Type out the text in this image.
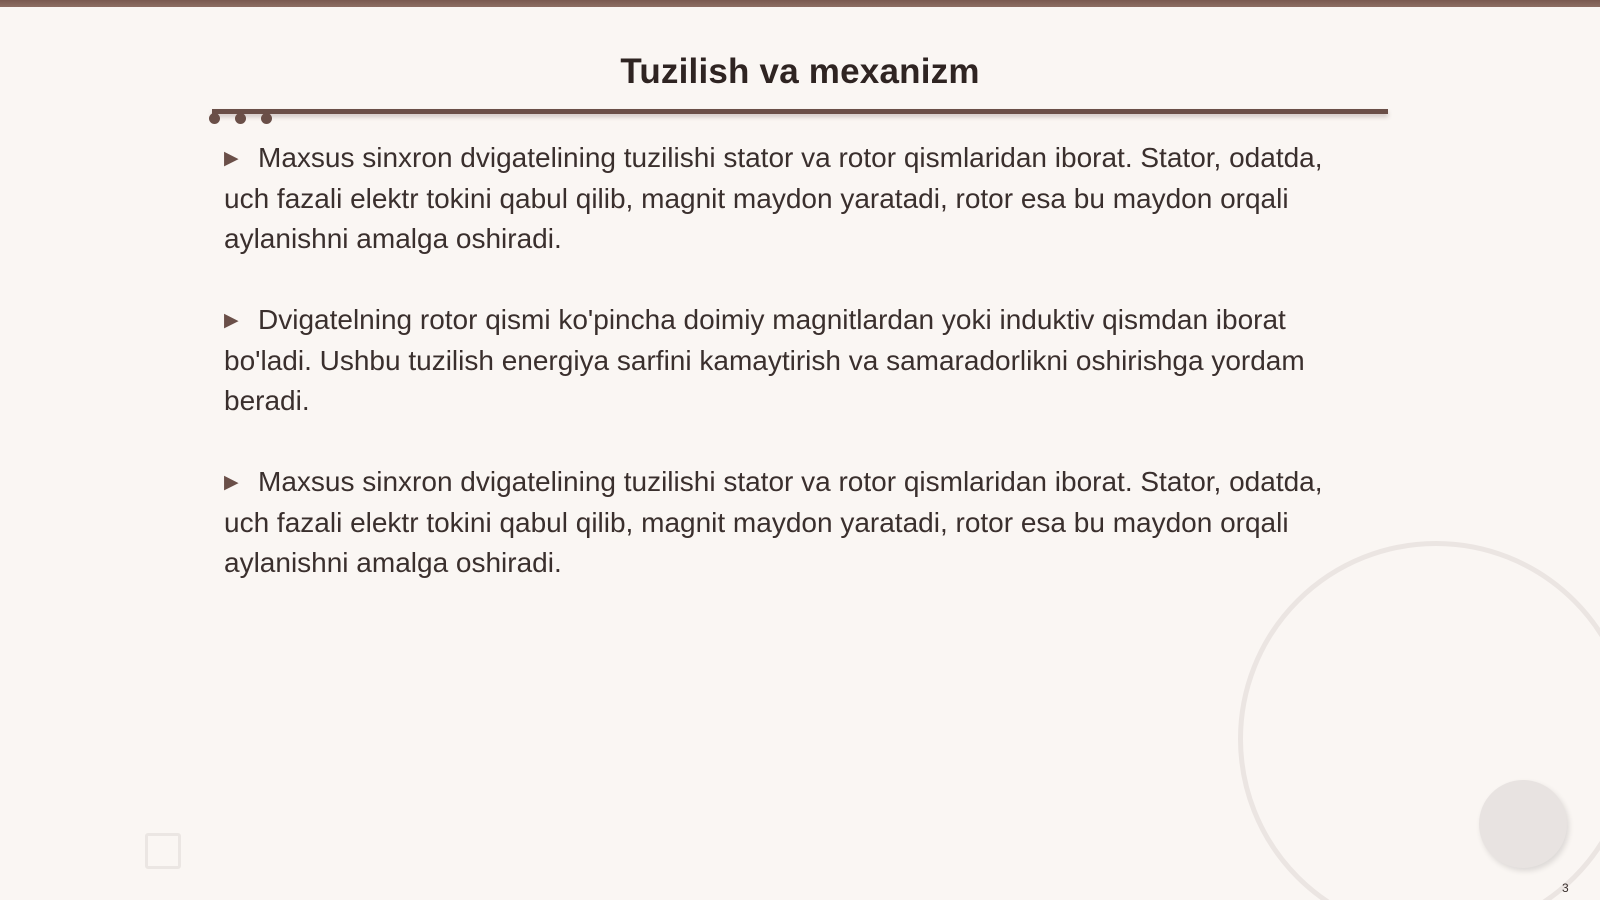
Tuzilish va mexanizm

▶ Maxsus sinxron dvigatelining tuzilishi stator va rotor qismlaridan iborat. Stator, odatda, uch fazali elektr tokini qabul qilib, magnit maydon yaratadi, rotor esa bu maydon orqali aylanishni amalga oshiradi.

▶ Dvigatelning rotor qismi ko'pincha doimiy magnitlardan yoki induktiv qismdan iborat bo'ladi. Ushbu tuzilish energiya sarfini kamaytirish va samaradorlikni oshirishga yordam beradi.

▶ Maxsus sinxron dvigatelining tuzilishi stator va rotor qismlaridan iborat. Stator, odatda, uch fazali elektr tokini qabul qilib, magnit maydon yaratadi, rotor esa bu maydon orqali aylanishni amalga oshiradi.

3
